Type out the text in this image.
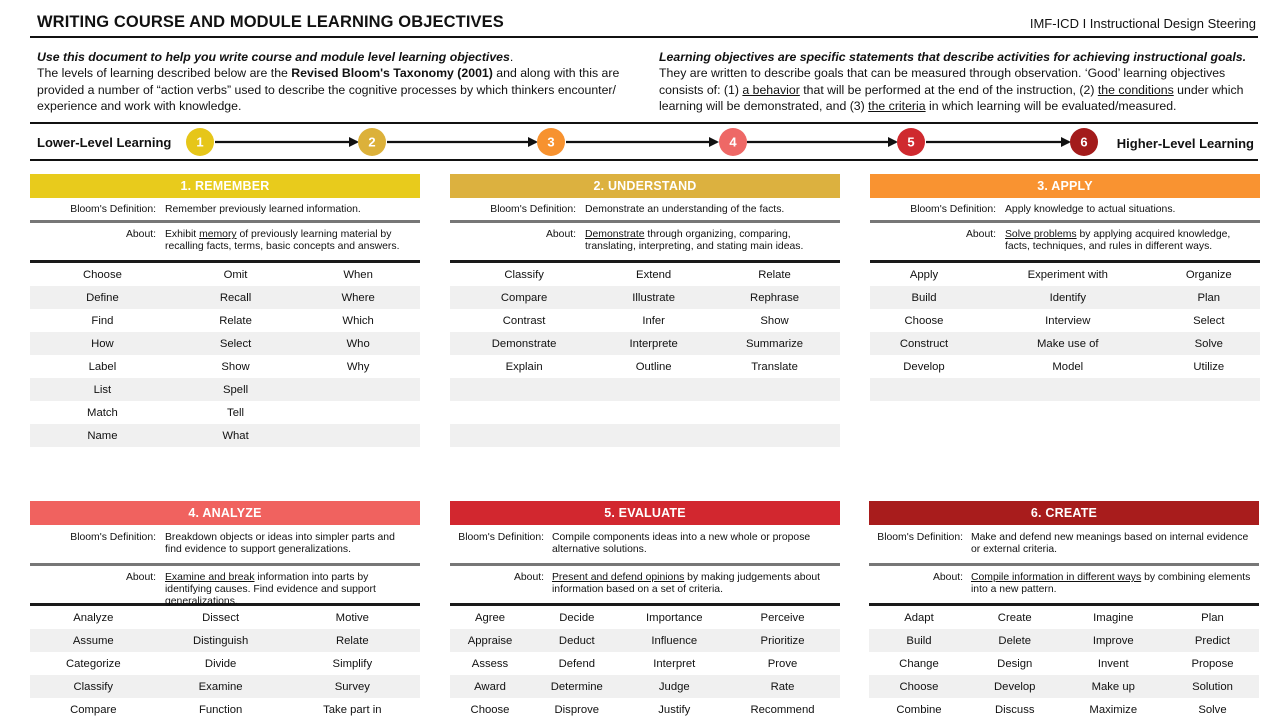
WRITING COURSE AND MODULE LEARNING OBJECTIVES	IMF-ICD I Instructional Design Steering
Use this document to help you write course and module level learning objectives.
The levels of learning described below are the Revised Bloom's Taxonomy (2001) and along with this are provided a number of “action verbs” used to describe the cognitive processes by which thinkers encounter/ experience and work with knowledge.
Learning objectives are specific statements that describe activities for achieving instructional goals.
They are written to describe goals that can be measured through observation. ‘Good’ learning objectives consists of: (1) a behavior that will be performed at the end of the instruction, (2) the conditions under which learning will be demonstrated, and (3) the criteria in which learning will be evaluated/measured.
Lower-Level Learning 1	2	3	4	5	6 Higher-Level Learning
1. REMEMBER
Bloom's Definition: Remember previously learned information.
About: Exhibit memory of previously learning material by recalling facts, terms, basic concepts and answers.
Choose	Omit	When
Define	Recall	Where
Find	Relate	Which
How	Select	Who
Label	Show	Why
List	Spell	
Match	Tell	
Name	What	
2. UNDERSTAND
Bloom's Definition: Demonstrate an understanding of the facts.
About: Demonstrate through organizing, comparing, translating, interpreting, and stating main ideas.
Classify	Extend	Relate
Compare	Illustrate	Rephrase
Contrast	Infer	Show
Demonstrate	Interprete	Summarize
Explain	Outline	Translate

3. APPLY
Bloom's Definition: Apply knowledge to actual situations.
About: Solve problems by applying acquired knowledge, facts, techniques, and rules in different ways.
Apply	Experiment with	Organize
Build	Identify	Plan
Choose	Interview	Select
Construct	Make use of	Solve
Develop	Model	Utilize

4. ANALYZE
Bloom's Definition: Breakdown objects or ideas into simpler parts and find evidence to support generalizations.
About: Examine and break information into parts by identifying causes. Find evidence and support generalizations.
Analyze	Dissect	Motive
Assume	Distinguish	Relate
Categorize	Divide	Simplify
Classify	Examine	Survey
Compare	Function	Take part in
5. EVALUATE
Bloom's Definition: Compile components ideas into a new whole or propose alternative solutions.
About: Present and defend opinions by making judgements about information based on a set of criteria.
Agree	Decide	Importance	Perceive
Appraise	Deduct	Influence	Prioritize
Assess	Defend	Interpret	Prove
Award	Determine	Judge	Rate
Choose	Disprove	Justify	Recommend
6. CREATE
Bloom's Definition: Make and defend new meanings based on internal evidence or external criteria.
About: Compile information in different ways by combining elements into a new pattern.
Adapt	Create	Imagine	Plan
Build	Delete	Improve	Predict
Change	Design	Invent	Propose
Choose	Develop	Make up	Solution
Combine	Discuss	Maximize	Solve
